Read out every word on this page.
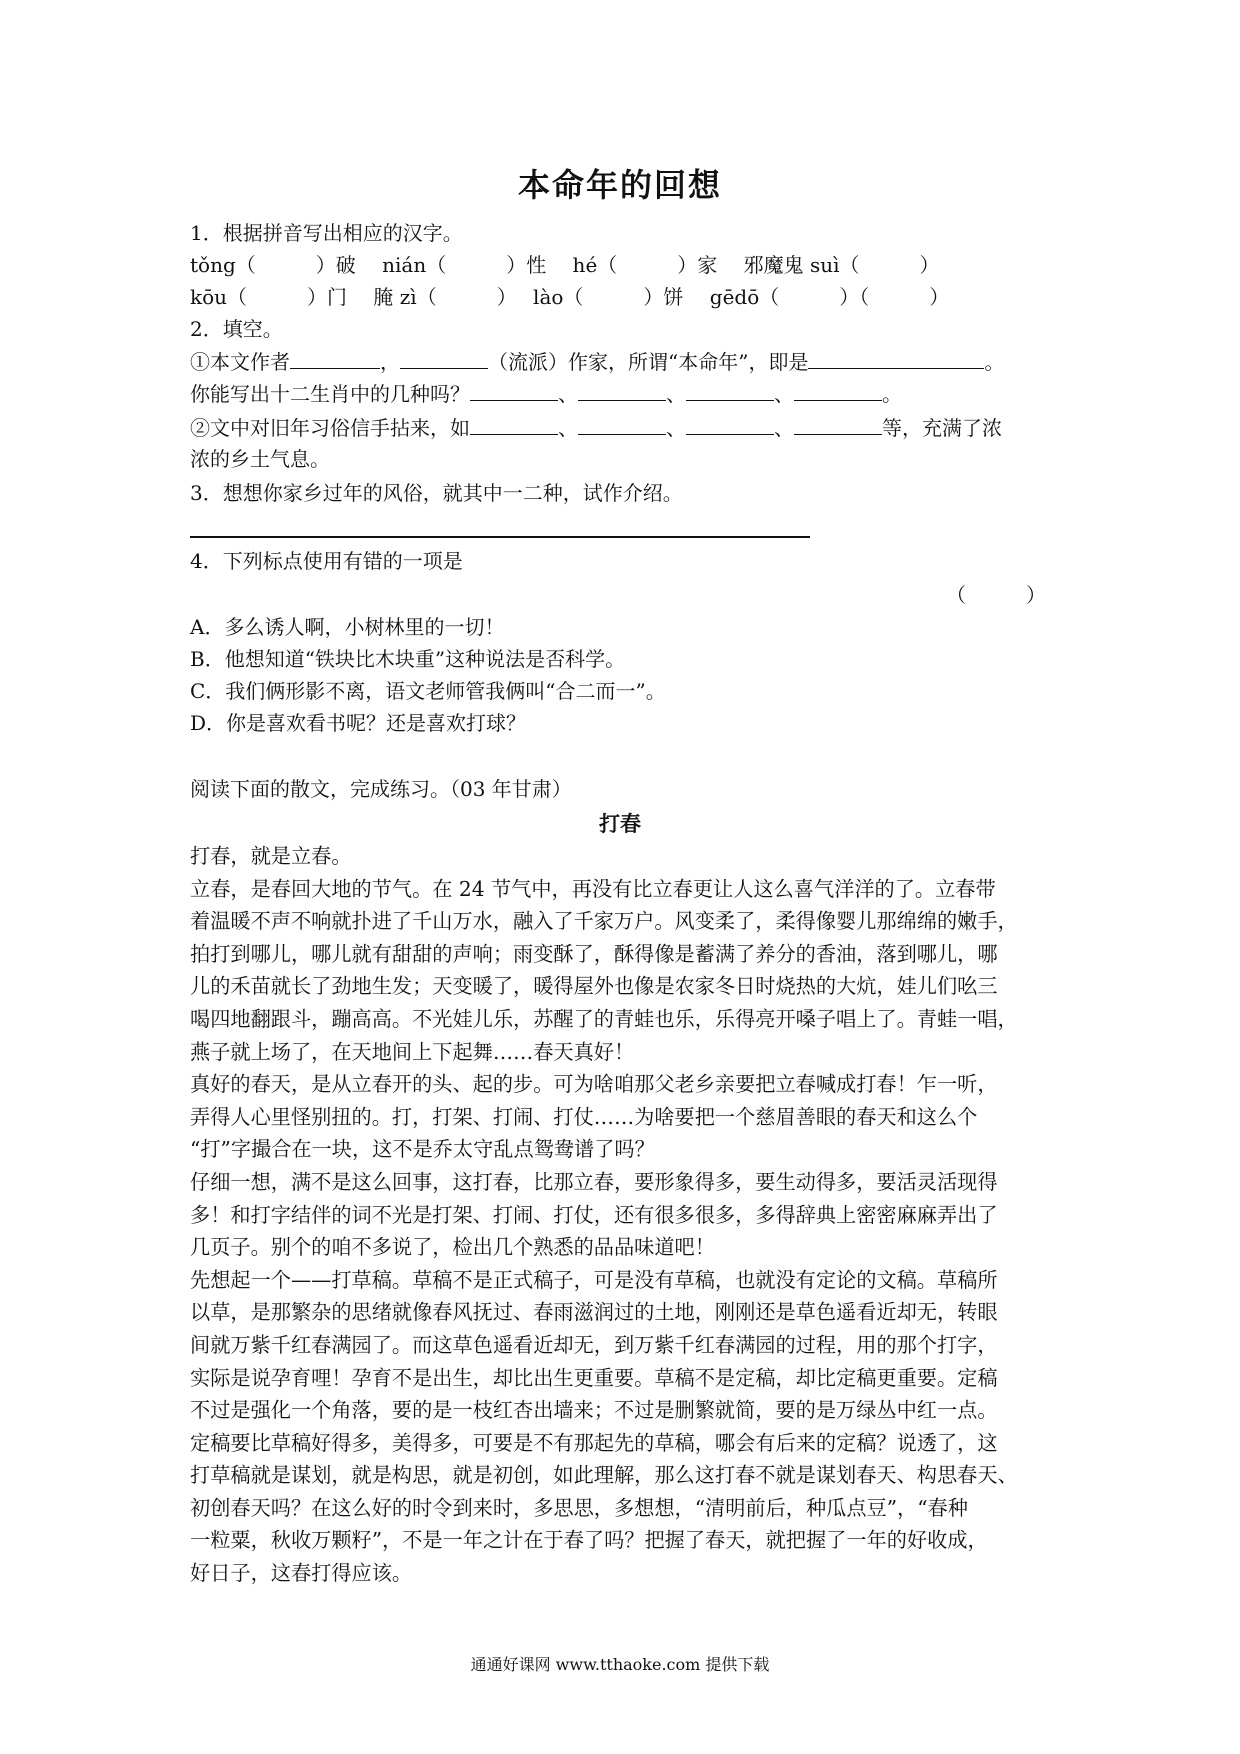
本命年的回想
1．根据拼音写出相应的汉字。
tǒng（　　　）破　 nián（　　　）性　 hé（　　　）家　 邪魔鬼 suì（　　　）
kōu（　　　）门　 腌 zì（　　　）　 lào（　　　）饼　 gēdō（　　　）（　　　）
2．填空。
①本文作者	，	（流派）作家，所谓“本命年”，即是	。
你能写出十二生肖中的几种吗？	、	、	、	。
②文中对旧年习俗信手拈来，如	、	、	、	等，充满了浓
浓的乡土气息。
3．想想你家乡过年的风俗，就其中一二种，试作介绍。
4．下列标点使用有错的一项是
（　　　）
A．多么诱人啊，小树林里的一切！
B．他想知道“铁块比木块重”这种说法是否科学。
C．我们俩形影不离，语文老师管我俩叫“合二而一”。
D．你是喜欢看书呢？还是喜欢打球？
阅读下面的散文，完成练习。（03 年甘肃）
打春
打春，就是立春。
立春，是春回大地的节气。在 24 节气中，再没有比立春更让人这么喜气洋洋的了。立春带
着温暖不声不响就扑进了千山万水，融入了千家万户。风变柔了，柔得像婴儿那绵绵的嫩手，
拍打到哪儿，哪儿就有甜甜的声响；雨变酥了，酥得像是蓄满了养分的香油，落到哪儿，哪
儿的禾苗就长了劲地生发；天变暖了，暖得屋外也像是农家冬日时烧热的大炕，娃儿们吆三
喝四地翻跟斗，蹦高高。不光娃儿乐，苏醒了的青蛙也乐，乐得亮开嗓子唱上了。青蛙一唱，
燕子就上场了，在天地间上下起舞……春天真好！
真好的春天，是从立春开的头、起的步。可为啥咱那父老乡亲要把立春喊成打春！乍一听，
弄得人心里怪别扭的。打，打架、打闹、打仗……为啥要把一个慈眉善眼的春天和这么个
“打”字撮合在一块，这不是乔太守乱点鸳鸯谱了吗？
仔细一想，满不是这么回事，这打春，比那立春，要形象得多，要生动得多，要活灵活现得
多！和打字结伴的词不光是打架、打闹、打仗，还有很多很多，多得辞典上密密麻麻弄出了
几页子。别个的咱不多说了，检出几个熟悉的品品味道吧！
先想起一个——打草稿。草稿不是正式稿子，可是没有草稿，也就没有定论的文稿。草稿所
以草，是那繁杂的思绪就像春风抚过、春雨滋润过的土地，刚刚还是草色遥看近却无，转眼
间就万紫千红春满园了。而这草色遥看近却无，到万紫千红春满园的过程，用的那个打字，
实际是说孕育哩！孕育不是出生，却比出生更重要。草稿不是定稿，却比定稿更重要。定稿
不过是强化一个角落，要的是一枝红杏出墙来；不过是删繁就简，要的是万绿丛中红一点。
定稿要比草稿好得多，美得多，可要是不有那起先的草稿，哪会有后来的定稿？说透了，这
打草稿就是谋划，就是构思，就是初创，如此理解，那么这打春不就是谋划春天、构思春天、
初创春天吗？在这么好的时令到来时，多思思，多想想，“清明前后，种瓜点豆”，“春种
一粒粟，秋收万颗籽”，不是一年之计在于春了吗？把握了春天，就把握了一年的好收成，
好日子，这春打得应该。
通通好课网 www.tthaoke.com 提供下载
